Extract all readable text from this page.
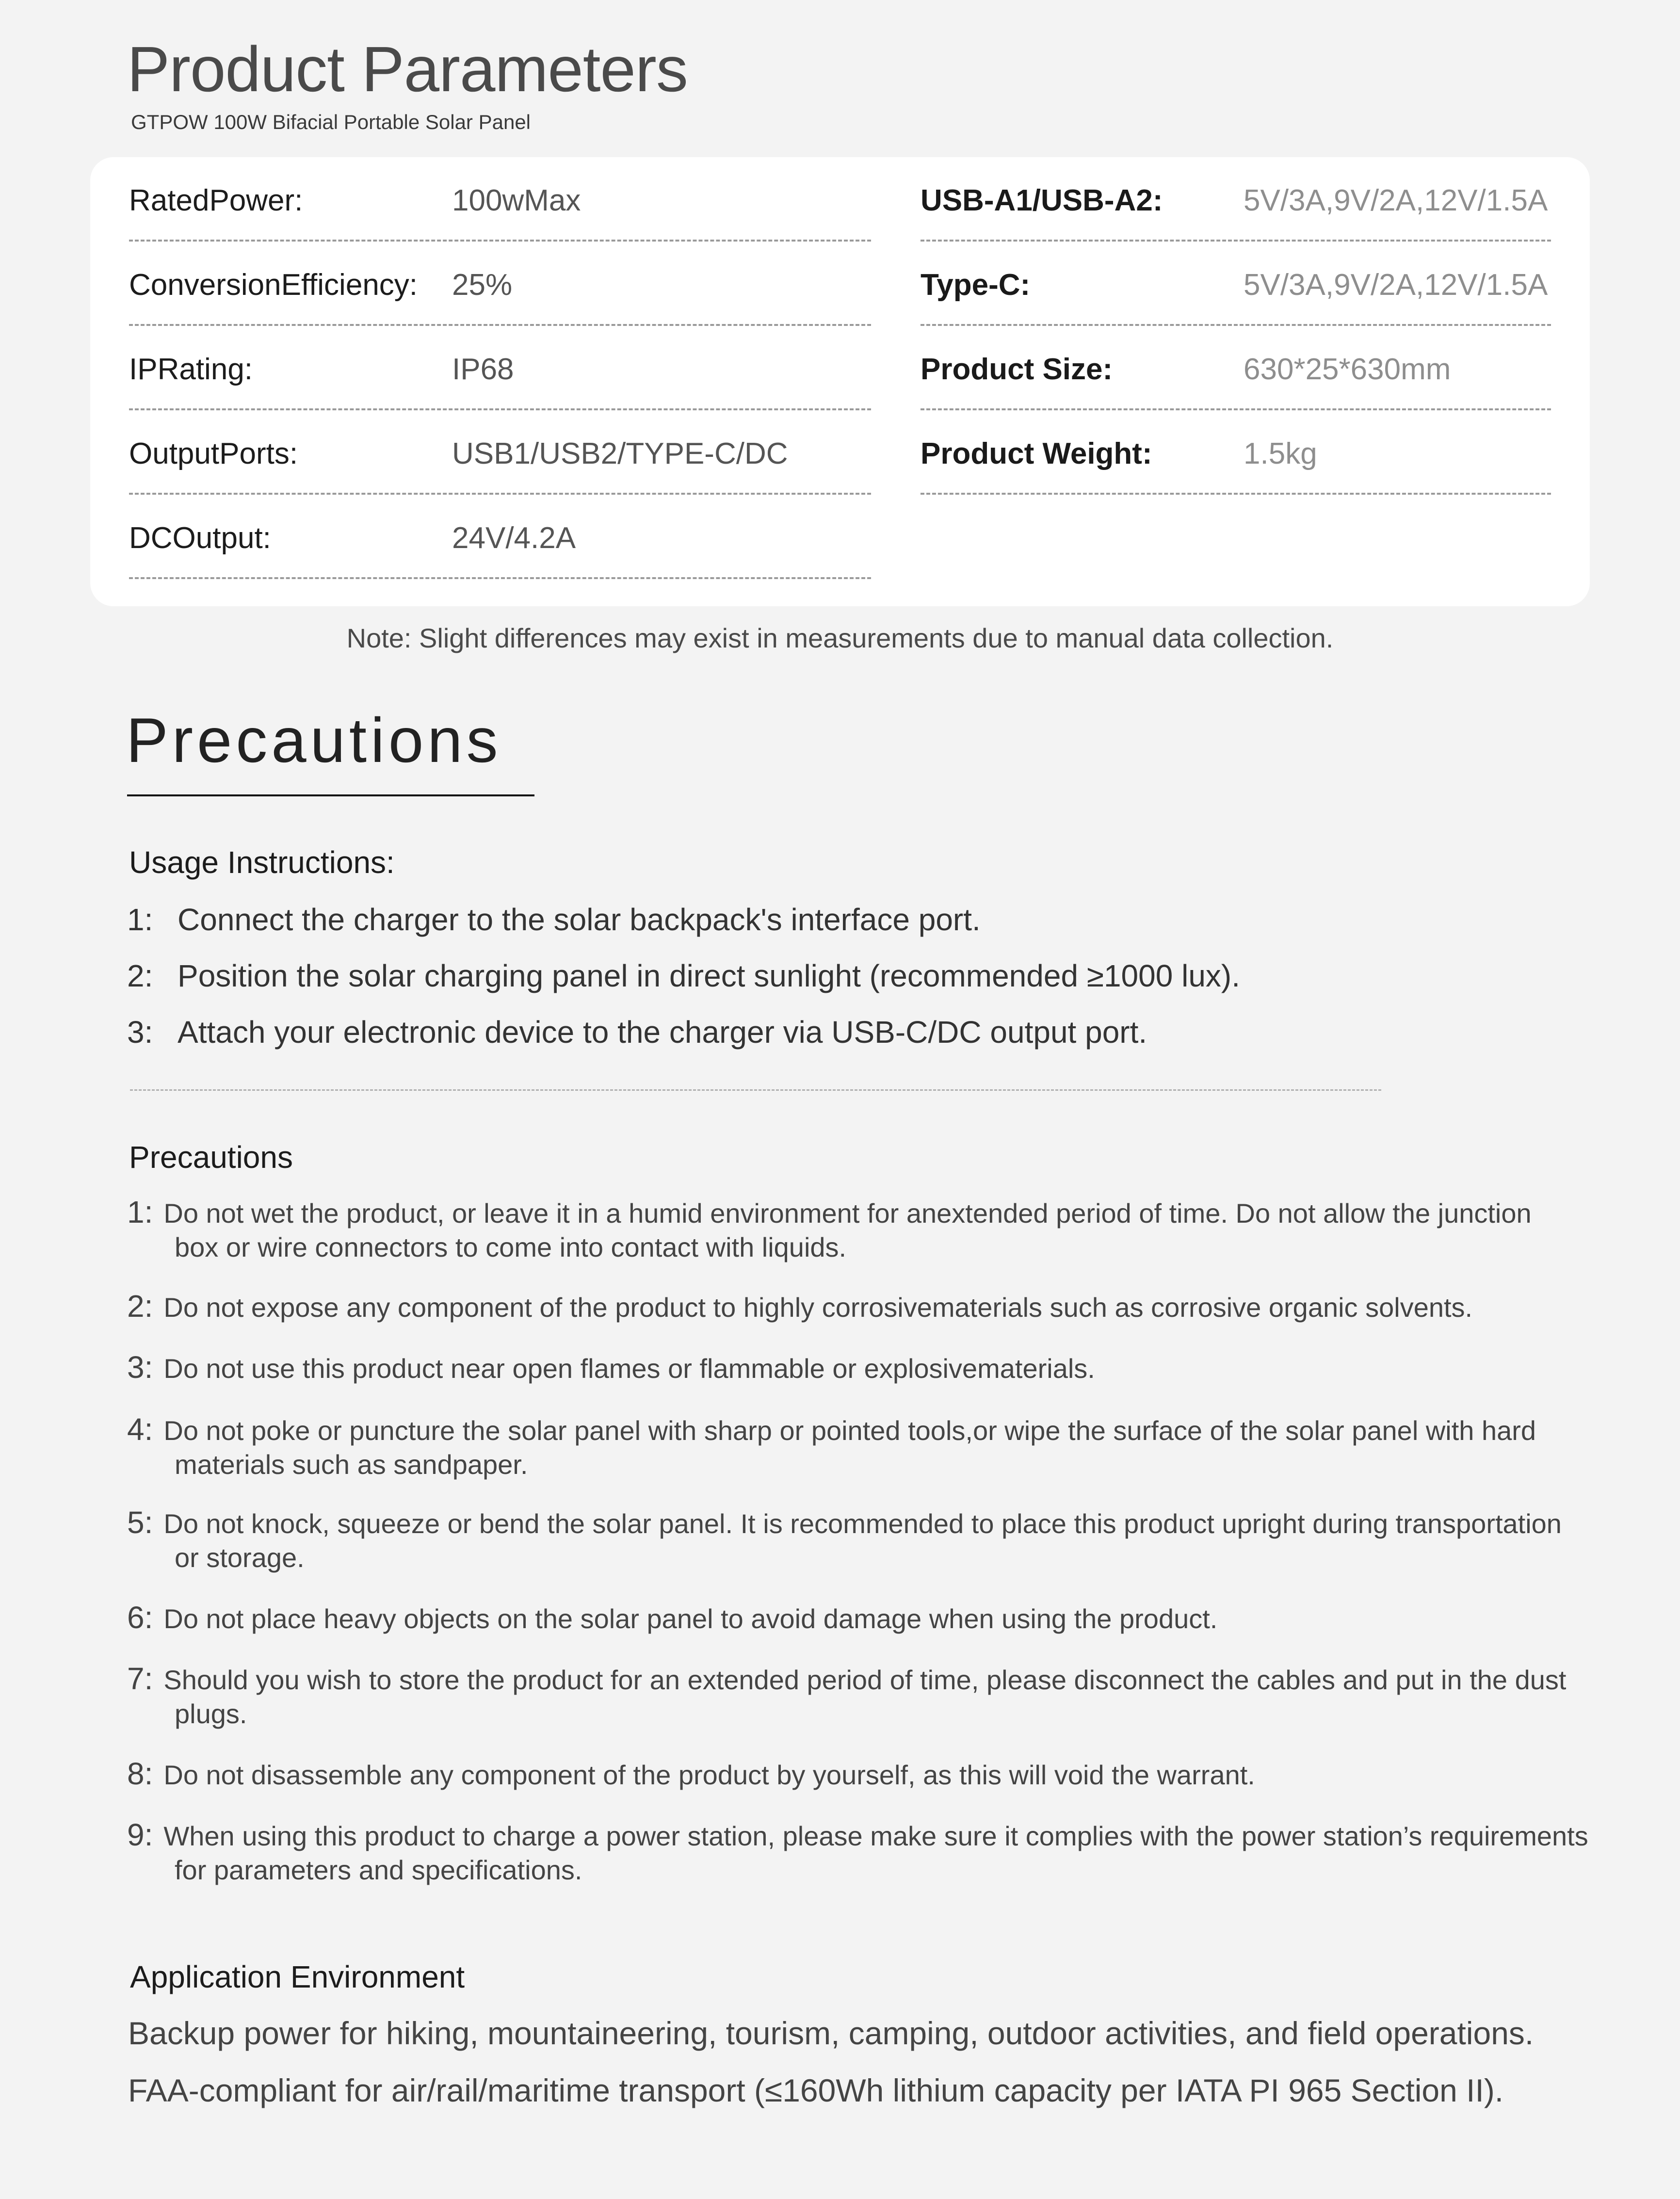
Product Parameters
GTPOW 100W Bifacial Portable Solar Panel
RatedPower:	100wMax
ConversionEfficiency: 25%
IPRating:	IP68
OutputPorts:	USB1/USB2/TYPE-C/DC
DCOutput:	24V/4.2A
USB-A1/USB-A2:	5V/3A,9V/2A,12V/1.5A
Type-C:	5V/3A,9V/2A,12V/1.5A
Product Size:	630*25*630mm
Product Weight:	1.5kg
Note: Slight differences may exist in measurements due to manual data collection.
Precautions
Usage Instructions:
1: Connect the charger to the solar backpack's interface port.
2: Position the solar charging panel in direct sunlight (recommended ≥1000 lux).
3: Attach your electronic device to the charger via USB-C/DC output port.
Precautions
1: Do not wet the product, or leave it in a humid environment for anextended period of time. Do not allow the junction
box or wire connectors to come into contact with liquids.
2: Do not expose any component of the product to highly corrosivematerials such as corrosive organic solvents.
3: Do not use this product near open flames or flammable or explosivematerials.
4: Do not poke or puncture the solar panel with sharp or pointed tools,or wipe the surface of the solar panel with hard
materials such as sandpaper.
5: Do not knock, squeeze or bend the solar panel. It is recommended to place this product upright during transportation
or storage.
6: Do not place heavy objects on the solar panel to avoid damage when using the product.
7: Should you wish to store the product for an extended period of time, please disconnect the cables and put in the dust
plugs.
8: Do not disassemble any component of the product by yourself, as this will void the warrant.
9: When using this product to charge a power station, please make sure it complies with the power station’s requirements
for parameters and specifications.
Application Environment
Backup power for hiking, mountaineering, tourism, camping, outdoor activities, and field operations.
FAA-compliant for air/rail/maritime transport (≤160Wh lithium capacity per IATA PI 965 Section II).
